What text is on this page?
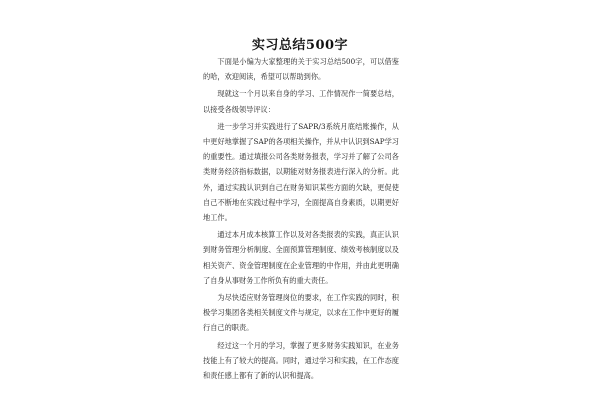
实习总结500字

下面是小编为大家整理的关于实习总结500字，可以借鉴的哈，欢迎阅读，希望可以帮助到你。

现就这一个月以来自身的学习、工作情况作一简要总结，以接受各级领导评议：

进一步学习并实践进行了SAPR/3系统月底结账操作，从中更好地掌握了SAP的各项相关操作，并从中认识到SAP学习的重要性。通过填报公司各类财务报表，学习并了解了公司各类财务经济指标数据，以期能对财务报表进行深入的分析。此外，通过实践认识到自己在财务知识某些方面的欠缺，更促使自己不断地在实践过程中学习，全面提高自身素质，以期更好地工作。

通过本月成本核算工作以及对各类报表的实践，真正认识到财务管理分析制度、全面预算管理制度、绩效考核制度以及相关资产、资金管理制度在企业管理的中作用，并由此更明确了自身从事财务工作所负有的重大责任。

为尽快适应财务管理岗位的要求，在工作实践的同时，积极学习集团各类相关制度文件与规定，以求在工作中更好的履行自己的职责。

经过这一个月的学习，掌握了更多财务实践知识，在业务技能上有了较大的提高。同时，通过学习和实践，在工作态度和责任感上都有了新的认识和提高。
